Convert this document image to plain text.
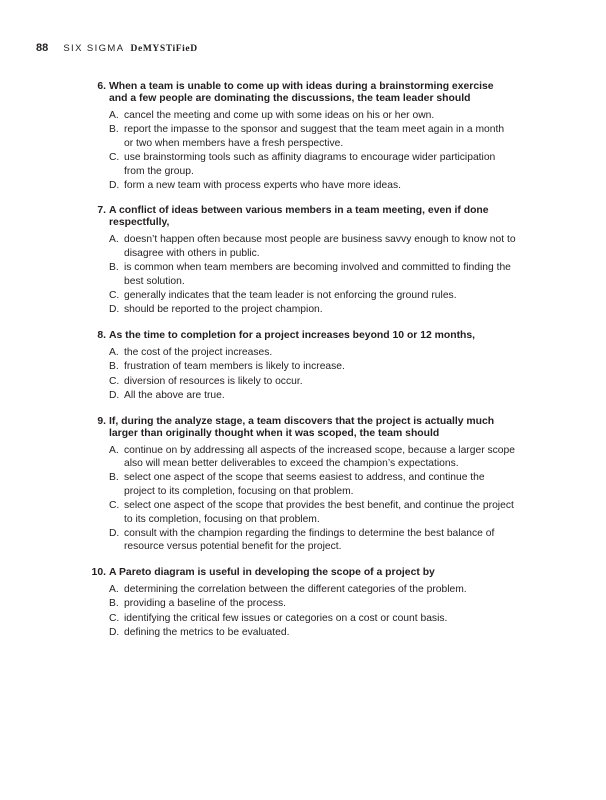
88 SIX SIGMA DeMYSTiFieD
6. When a team is unable to come up with ideas during a brainstorming exercise and a few people are dominating the discussions, the team leader should
A. cancel the meeting and come up with some ideas on his or her own.
B. report the impasse to the sponsor and suggest that the team meet again in a month or two when members have a fresh perspective.
C. use brainstorming tools such as affinity diagrams to encourage wider participation from the group.
D. form a new team with process experts who have more ideas.
7. A conflict of ideas between various members in a team meeting, even if done respectfully,
A. doesn’t happen often because most people are business savvy enough to know not to disagree with others in public.
B. is common when team members are becoming involved and committed to finding the best solution.
C. generally indicates that the team leader is not enforcing the ground rules.
D. should be reported to the project champion.
8. As the time to completion for a project increases beyond 10 or 12 months,
A. the cost of the project increases.
B. frustration of team members is likely to increase.
C. diversion of resources is likely to occur.
D. All the above are true.
9. If, during the analyze stage, a team discovers that the project is actually much larger than originally thought when it was scoped, the team should
A. continue on by addressing all aspects of the increased scope, because a larger scope also will mean better deliverables to exceed the champion’s expectations.
B. select one aspect of the scope that seems easiest to address, and continue the project to its completion, focusing on that problem.
C. select one aspect of the scope that provides the best benefit, and continue the project to its completion, focusing on that problem.
D. consult with the champion regarding the findings to determine the best balance of resource versus potential benefit for the project.
10. A Pareto diagram is useful in developing the scope of a project by
A. determining the correlation between the different categories of the problem.
B. providing a baseline of the process.
C. identifying the critical few issues or categories on a cost or count basis.
D. defining the metrics to be evaluated.
